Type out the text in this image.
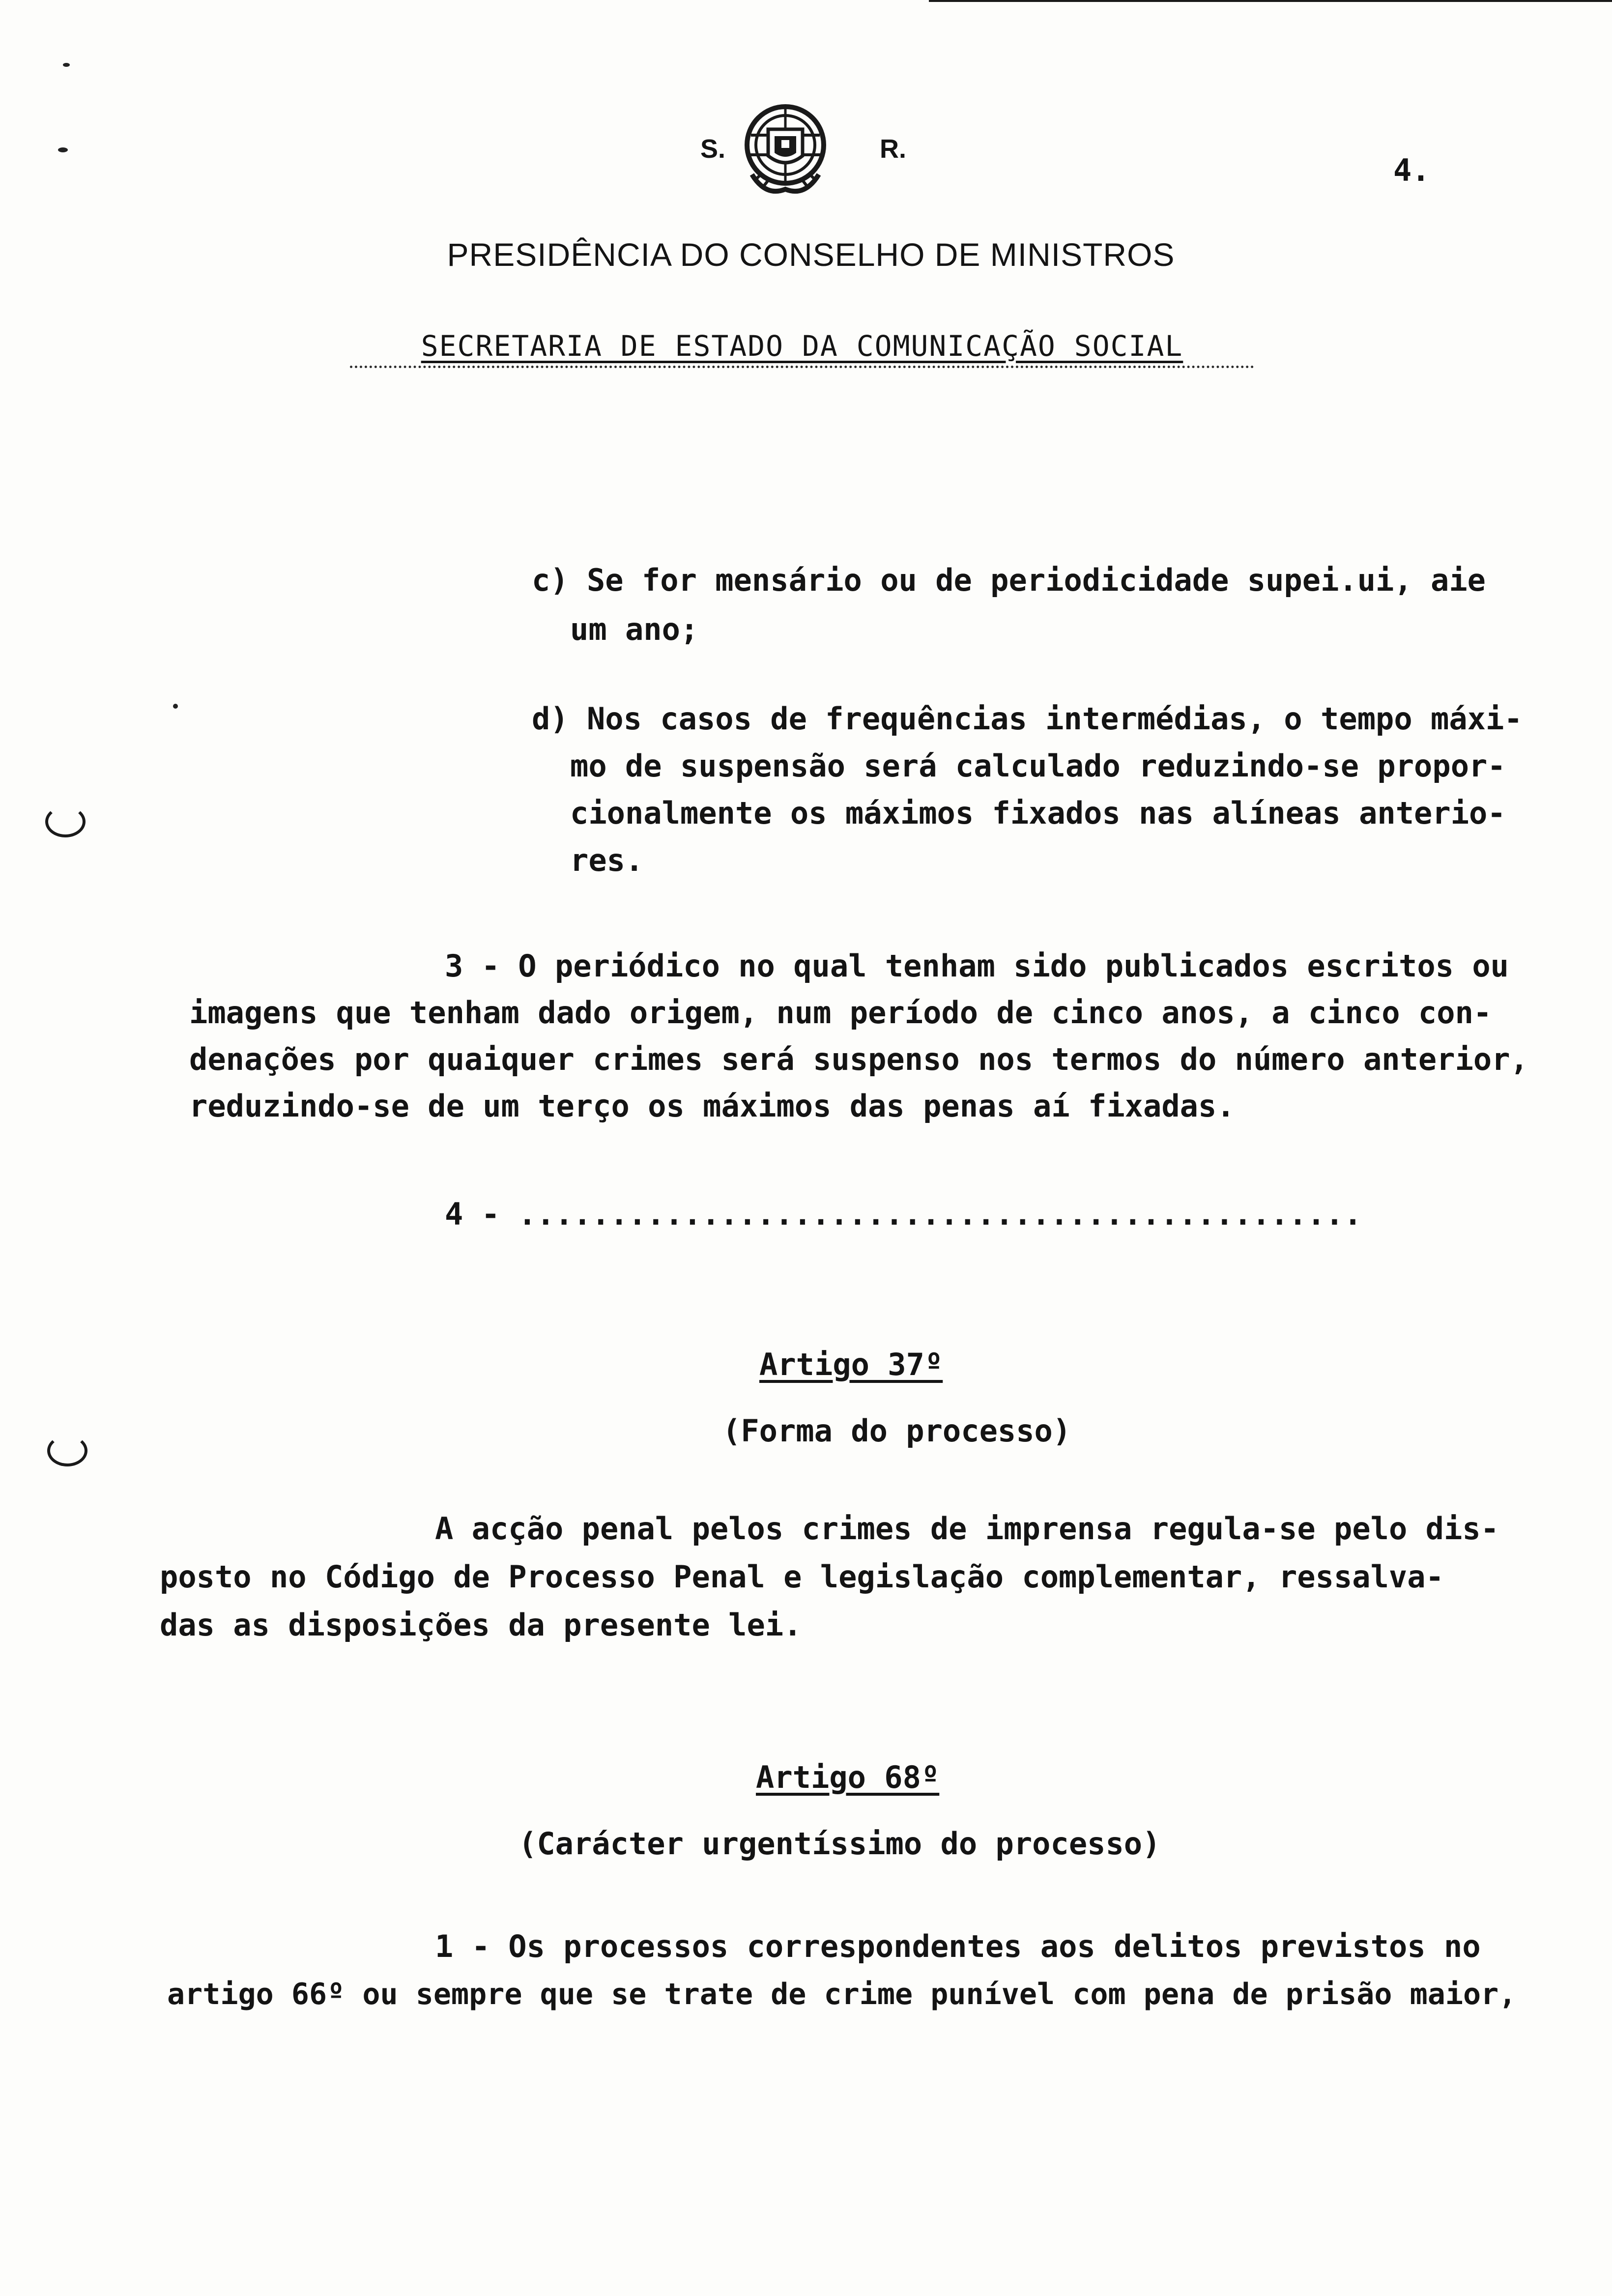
S.	R.
4.
PRESIDÊNCIA DO CONSELHO DE MINISTROS
SECRETARIA DE ESTADO DA COMUNICAÇÃO SOCIAL
c) Se for mensário ou de periodicidade supei.ui, aie
um ano;
d) Nos casos de frequências intermédias, o tempo máxi-
mo de suspensão será calculado reduzindo-se propor-
cionalmente os máximos fixados nas alíneas anterio-
res.
3 - O periódico no qual tenham sido publicados escritos ou
imagens que tenham dado origem, num período de cinco anos, a cinco con-
denações por quaiquer crimes será suspenso nos termos do número anterior,
reduzindo-se de um terço os máximos das penas aí fixadas.
4 - ..............................................
Artigo 37º
(Forma do processo)
A acção penal pelos crimes de imprensa regula-se pelo dis-
posto no Código de Processo Penal e legislação complementar, ressalva-
das as disposições da presente lei.
Artigo 68º
(Carácter urgentíssimo do processo)
1 - Os processos correspondentes aos delitos previstos no
artigo 66º ou sempre que se trate de crime punível com pena de prisão maior,
